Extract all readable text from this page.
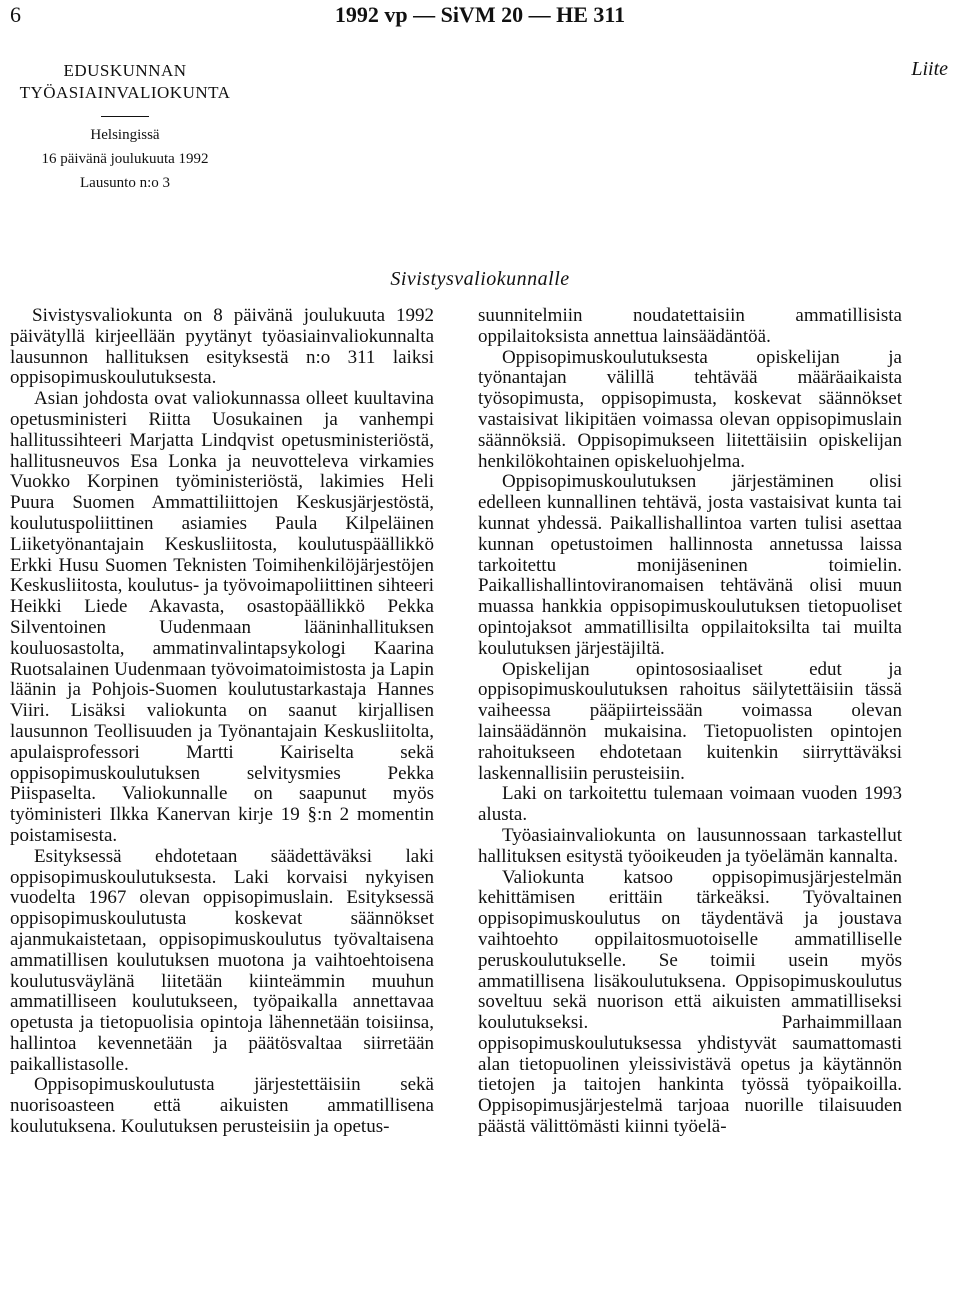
6	1992 vp — SiVM 20 — HE 311
EDUSKUNNAN
TYÖASIAINVALIOKUNTA
Helsingissä
16 päivänä joulukuuta 1992
Lausunto n:o 3
Liite
Sivistysvaliokunnalle

Sivistysvaliokunta on 8 päivänä joulukuuta 1992 päivätyllä kirjeellään pyytänyt työasiainvaliokunnalta lausunnon hallituksen esityksestä n:o 311 laiksi oppisopimuskoulutuksesta.

Asian johdosta ovat valiokunnassa olleet kuultavina opetusministeri Riitta Uosukainen ja vanhempi hallitussihteeri Marjatta Lindqvist opetusministeriöstä, hallitusneuvos Esa Lonka ja neuvotteleva virkamies Vuokko Korpinen työministeriöstä, lakimies Heli Puura Suomen Ammattiliittojen Keskusjärjestöstä, koulutuspoliittinen asiamies Paula Kilpeläinen Liiketyönantajain Keskusliitosta, koulutuspäällikkö Erkki Husu Suomen Teknisten Toimihenkilöjärjestöjen Keskusliitosta, koulutus- ja työvoimapoliittinen sihteeri Heikki Liede Akavasta, osastopäällikkö Pekka Silventoinen Uudenmaan lääninhallituksen kouluosastolta, ammatinvalintapsykologi Kaarina Ruotsalainen Uudenmaan työvoimatoimistosta ja Lapin läänin ja Pohjois-Suomen koulutustarkastaja Hannes Viiri. Lisäksi valiokunta on saanut kirjallisen lausunnon Teollisuuden ja Työnantajain Keskusliitolta, apulaisprofessori Martti Kairiselta sekä oppisopimuskoulutuksen selvitysmies Pekka Piispaselta. Valiokunnalle on saapunut myös työministeri Ilkka Kanervan kirje 19 §:n 2 momentin poistamisesta.

Esityksessä ehdotetaan säädettäväksi laki oppisopimuskoulutuksesta. Laki korvaisi nykyisen vuodelta 1967 olevan oppisopimuslain. Esityksessä oppisopimuskoulutusta koskevat säännökset ajanmukaistetaan, oppisopimuskoulutus työvaltaisena ammatillisen koulutuksen muotona ja vaihtoehtoisena koulutusväylänä liitetään kiinteämmin muuhun ammatilliseen koulutukseen, työpaikalla annettavaa opetusta ja tietopuolisia opintoja lähennetään toisiinsa, hallintoa kevennetään ja päätösvaltaa siirretään paikallistasolle.

Oppisopimuskoulutusta järjestettäisiin sekä nuorisoasteen että aikuisten ammatillisena koulutuksena. Koulutuksen perusteisiin ja opetus-

suunnitelmiin noudatettaisiin ammatillisista oppilaitoksista annettua lainsäädäntöä.

Oppisopimuskoulutuksesta opiskelijan ja työnantajan välillä tehtävää määräaikaista työsopimusta, oppisopimusta, koskevat säännökset vastaisivat likipitäen voimassa olevan oppisopimuslain säännöksiä. Oppisopimukseen liitettäisiin opiskelijan henkilökohtainen opiskeluohjelma.

Oppisopimuskoulutuksen järjestäminen olisi edelleen kunnallinen tehtävä, josta vastaisivat kunta tai kunnat yhdessä. Paikallishallintoa varten tulisi asettaa kunnan opetustoimen hallinnosta annetussa laissa tarkoitettu monijäseninen toimielin. Paikallishallintoviranomaisen tehtävänä olisi muun muassa hankkia oppisopimuskoulutuksen tietopuoliset opintojaksot ammatillisilta oppilaitoksilta tai muilta koulutuksen järjestäjiltä.

Opiskelijan opintososiaaliset edut ja oppisopimuskoulutuksen rahoitus säilytettäisiin tässä vaiheessa pääpiirteissään voimassa olevan lainsäädännön mukaisina. Tietopuolisten opintojen rahoitukseen ehdotetaan kuitenkin siirryttäväksi laskennallisiin perusteisiin.

Laki on tarkoitettu tulemaan voimaan vuoden 1993 alusta.

Työasiainvaliokunta on lausunnossaan tarkastellut hallituksen esitystä työoikeuden ja työelämän kannalta.

Valiokunta katsoo oppisopimusjärjestelmän kehittämisen erittäin tärkeäksi. Työvaltainen oppisopimuskoulutus on täydentävä ja joustava vaihtoehto oppilaitosmuotoiselle ammatilliselle peruskoulutukselle. Se toimii usein myös ammatillisena lisäkoulutuksena. Oppisopimuskoulutus soveltuu sekä nuorison että aikuisten ammatilliseksi koulutukseksi. Parhaimmillaan oppisopimuskoulutuksessa yhdistyvät saumattomasti alan tietopuolinen yleissivistävä opetus ja käytännön tietojen ja taitojen hankinta työssä työpaikoilla. Oppisopimusjärjestelmä tarjoaa nuorille tilaisuuden päästä välittömästi kiinni työelä-
